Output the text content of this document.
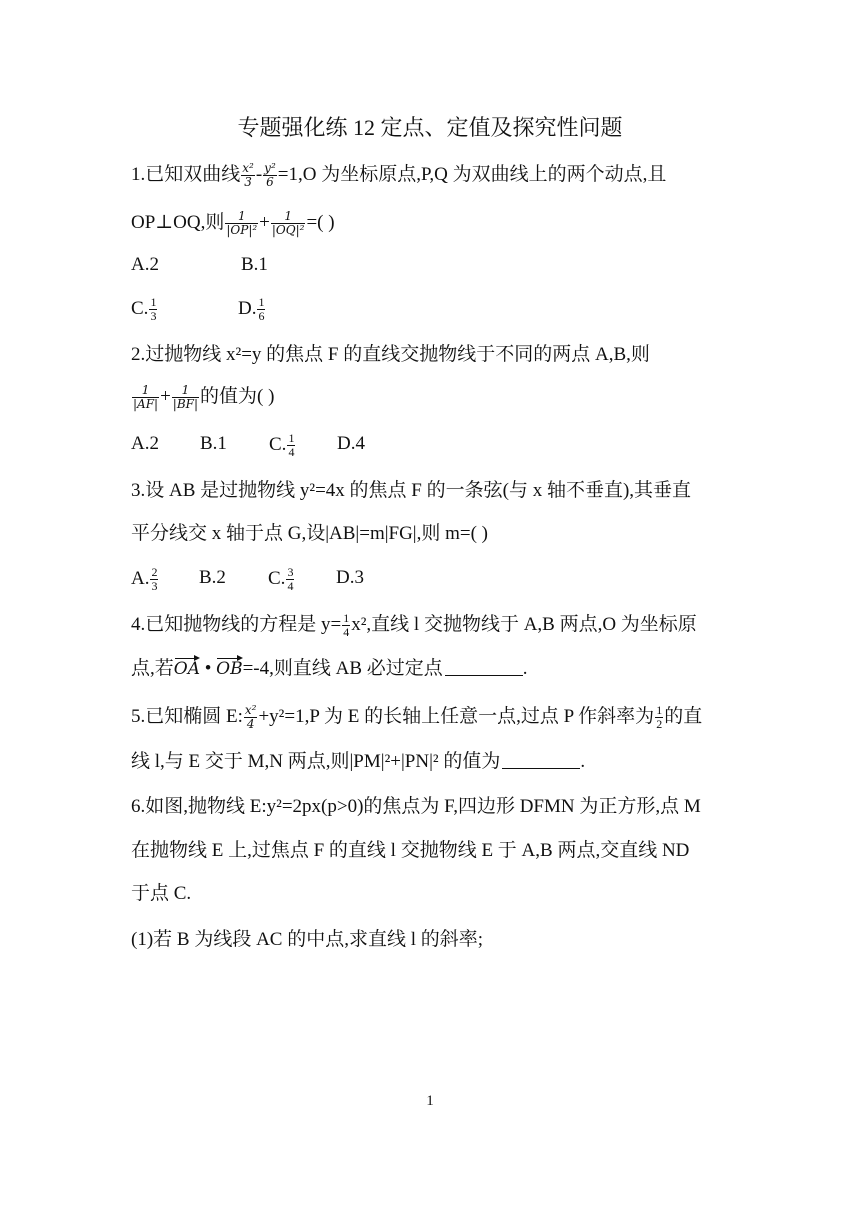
专题强化练 12 定点、定值及探究性问题
1.已知双曲线 $\frac{\text{x²}}{3} - \frac{\text{y²}}{6} =1,O$ 为坐标原点,P,Q 为双曲线上的两个动点,且
OP⊥OQ,则 $\frac{1}{\text{|OP|²}} + \frac{1}{\text{|OQ|²}}$ =( )
A.2	B.1
C. $\frac{1}{3}$	D. $\frac{1}{6}$
2.过抛物线 x²=y 的焦点 F 的直线交抛物线于不同的两点 A,B,则
$\frac{1}{|AF|} + \frac{1}{|BF|}$ 的值为( )
A.2 B.1 C. $\frac{1}{4} D.4$
3.设 AB 是过抛物线 y²=4x 的焦点 F 的一条弦(与 x 轴不垂直),其垂直
平分线交 x 轴于点 G,设|AB|=m|FG|,则 m=( )
A. $\frac{2}{3} B.2$ C. $\frac{3}{4} D.3$
4.已知抛物线的方程是 $y= \frac{1}{4} x^2$,直线 l 交抛物线于 A,B 两点,O 为坐标原
点,若OA • OB=-4,则直线 AB 必过定点	.
5.已知椭圆 E: $\frac{\text{x²}}{4} +y^2=1,P$ 为 E 的长轴上任意一点,过点 P 作斜率为 $\frac{1}{2}$ 的直
线 l,与 E 交于 M,N 两点,则|PM|²+|PN|² 的值为	.
6.如图,抛物线 E:y²=2px(p>0)的焦点为 F,四边形 DFMN 为正方形,点 M
在抛物线 E 上,过焦点 F 的直线 l 交抛物线 E 于 A,B 两点,交直线 ND
于点 C.
(1)若 B 为线段 AC 的中点,求直线 l 的斜率;
1
